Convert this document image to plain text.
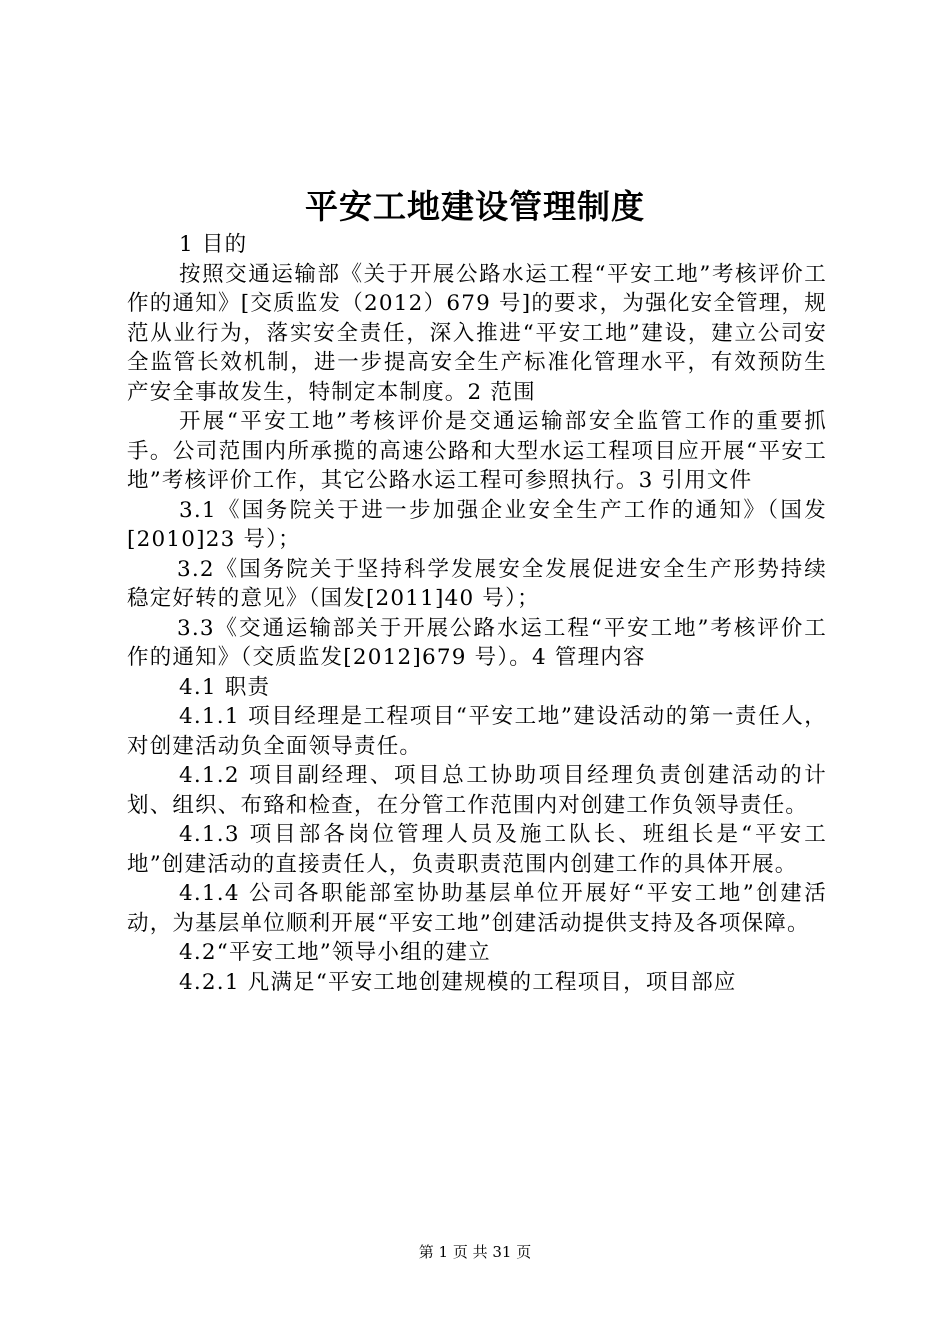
平安工地建设管理制度

1 目的

按照交通运输部《关于开展公路水运工程“平安工地”考核评价工作的通知》[交质监发（2012）679 号]的要求，为强化安全管理，规范从业行为，落实安全责任，深入推进“平安工地”建设，建立公司安全监管长效机制，进一步提高安全生产标准化管理水平，有效预防生产安全事故发生，特制定本制度。2 范围

开展“平安工地”考核评价是交通运输部安全监管工作的重要抓手。公司范围内所承揽的高速公路和大型水运工程项目应开展“平安工地”考核评价工作，其它公路水运工程可参照执行。3 引用文件

3.1《国务院关于进一步加强企业安全生产工作的通知》（国发[2010]23 号）；

3.2《国务院关于坚持科学发展安全发展促进安全生产形势持续稳定好转的意见》（国发[2011]40 号）；

3.3《交通运输部关于开展公路水运工程“平安工地”考核评价工作的通知》（交质监发[2012]679 号）。4 管理内容

4.1 职责

4.1.1 项目经理是工程项目“平安工地”建设活动的第一责任人，对创建活动负全面领导责任。

4.1.2 项目副经理、项目总工协助项目经理负责创建活动的计划、组织、布臵和检查，在分管工作范围内对创建工作负领导责任。

4.1.3 项目部各岗位管理人员及施工队长、班组长是“平安工地”创建活动的直接责任人，负责职责范围内创建工作的具体开展。

4.1.4 公司各职能部室协助基层单位开展好“平安工地”创建活动，为基层单位顺利开展“平安工地”创建活动提供支持及各项保障。

4.2“平安工地”领导小组的建立

4.2.1 凡满足“平安工地创建规模的工程项目，项目部应

第 1 页 共 31 页
